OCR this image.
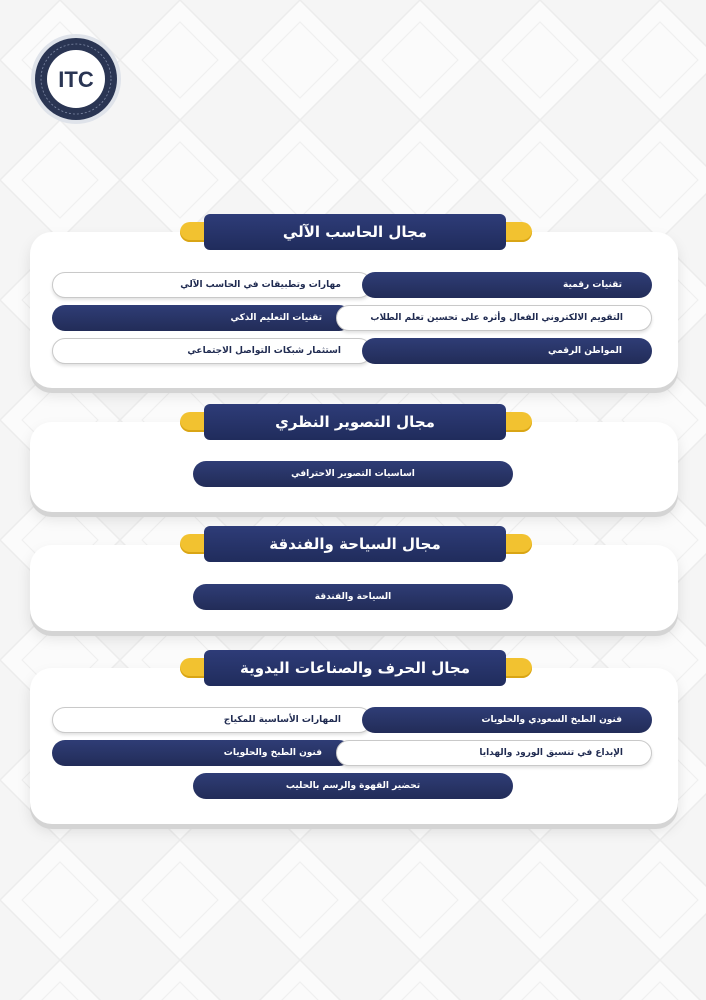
ITC
مجال الحاسب الآلي
مهارات وتطبيقات في الحاسب الآلي	تقنيات رقمية
تقنيات التعليم الذكي	التقويم الالكتروني الفعال وأثره على تحسين تعلم الطلاب
استثمار شبكات التواصل الاجتماعي	المواطن الرقمي
مجال التصوير النظري
اساسيات التصوير الاحترافي
مجال السياحة والفندقة
السياحة والفندقة
مجال الحرف والصناعات اليدوية
المهارات الأساسية للمكياج	فنون الطبخ السعودي والحلويات
فنون الطبخ والحلويات	الإبداع في تنسيق الورود والهدايا
تحضير القهوة والرسم بالحليب
